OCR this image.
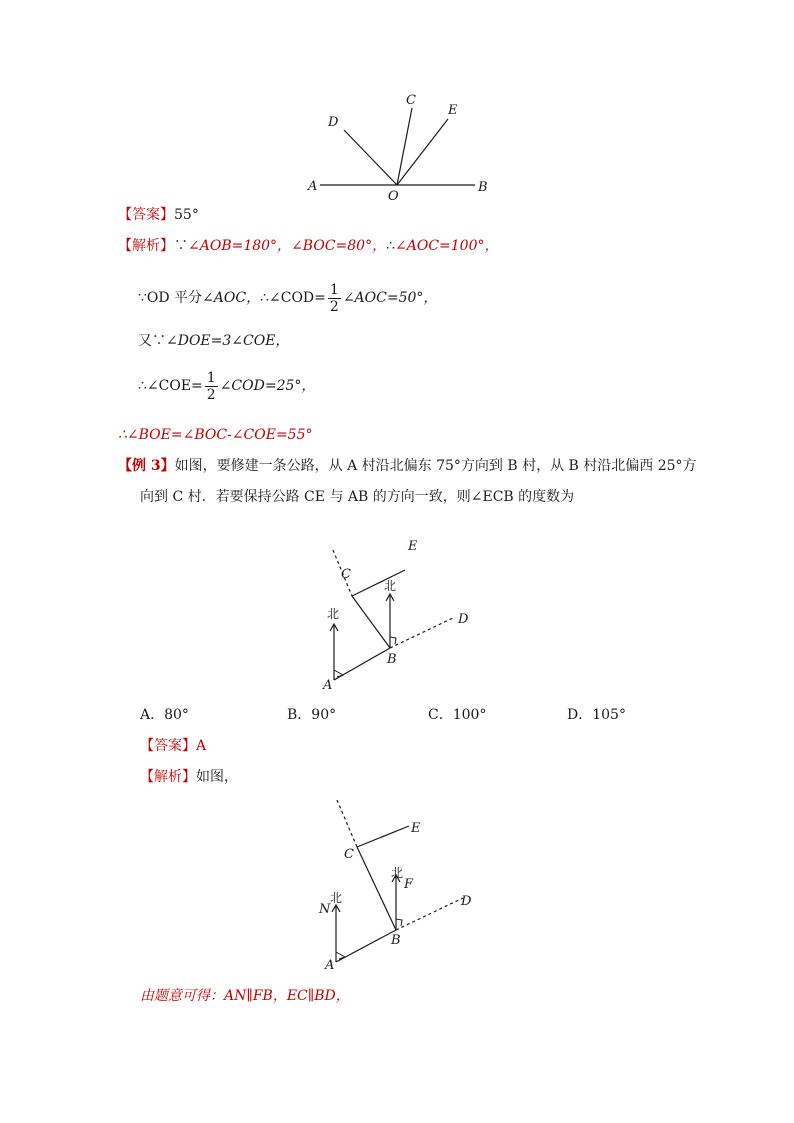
A
O
B
C
D
E
【答案】55°
【解析】∵∠AOB=180°，∠BOC=80°，∴∠AOC=100°，
∵OD 平分∠AOC，∴∠COD= $\frac{1}{2}$ ∠AOC=50°，
又∵∠DOE=3∠COE，
∴∠COE= $\frac{1}{2}$ ∠COD=25°，
∴∠BOE=∠BOC-∠COE=55°
【例 3】如图，要修建一条公路，从 A 村沿北偏东 75°方向到 B 村，从 B 村沿北偏西 25°方
向到 C 村．若要保持公路 CE 与 AB 的方向一致，则∠ECB 的度数为
北
北
A
B
C
D
E
A．80°	B．90°	C．100°	D．105°
【答案】A
【解析】如图，
北
北
N
F
A
B
C
D
E
由题意可得：AN∥FB，EC∥BD，
